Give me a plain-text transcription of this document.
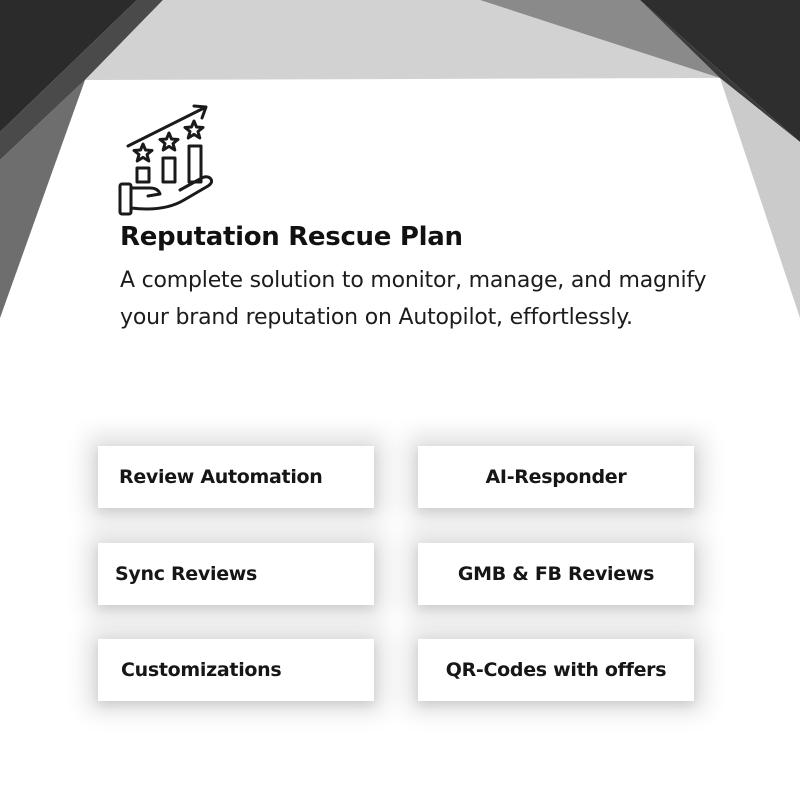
Reputation Rescue Plan

A complete solution to monitor, manage, and magnify your brand reputation on Autopilot, effortlessly.

Review Automation	AI-Responder
Sync Reviews	GMB & FB Reviews
Customizations	QR-Codes with offers
